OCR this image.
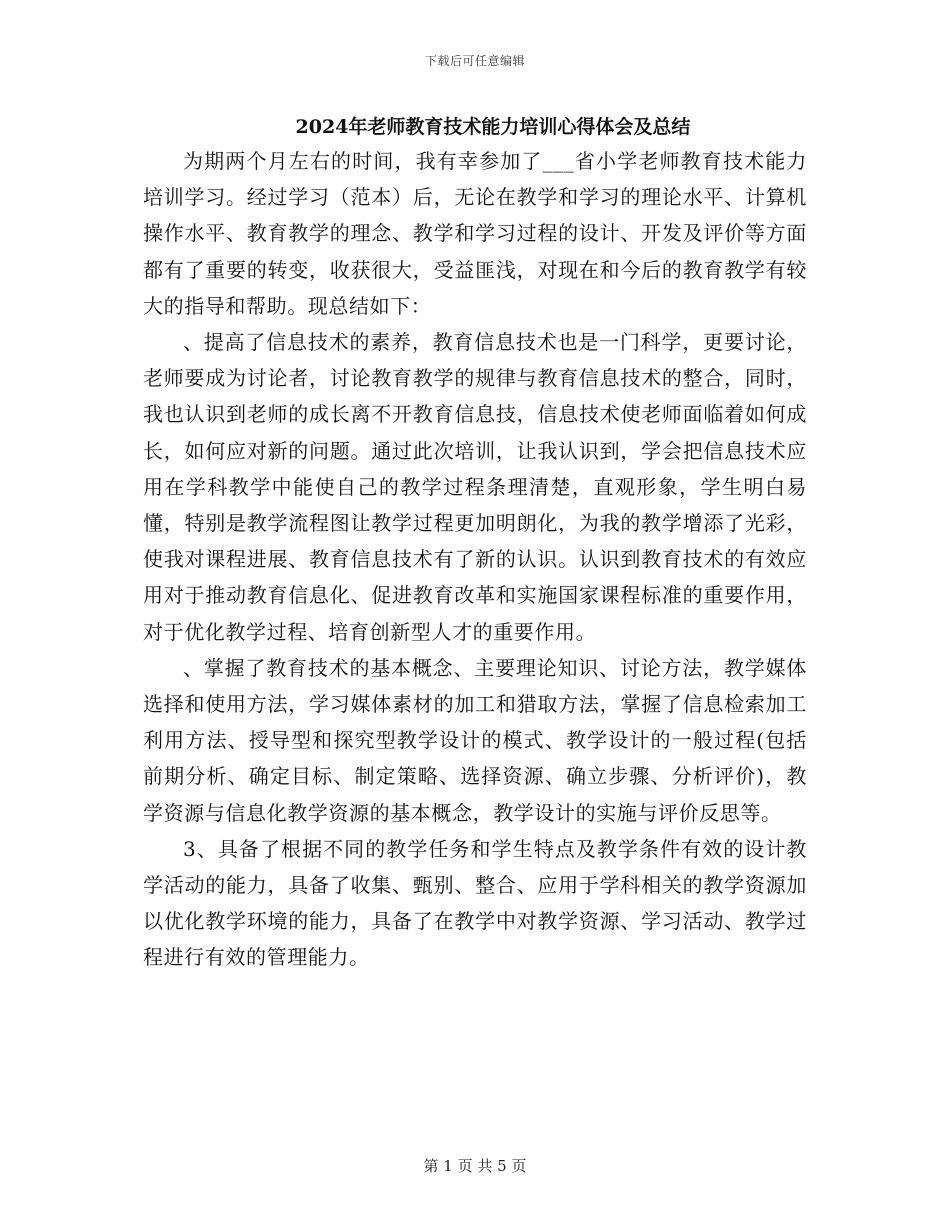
下载后可任意编辑
2024年老师教育技术能力培训心得体会及总结

为期两个月左右的时间，我有幸参加了___省小学老师教育技术能力培训学习。经过学习（范本）后，无论在教学和学习的理论水平、计算机操作水平、教育教学的理念、教学和学习过程的设计、开发及评价等方面都有了重要的转变，收获很大，受益匪浅，对现在和今后的教育教学有较大的指导和帮助。现总结如下：

、提高了信息技术的素养，教育信息技术也是一门科学，更要讨论，老师要成为讨论者，讨论教育教学的规律与教育信息技术的整合，同时，我也认识到老师的成长离不开教育信息技，信息技术使老师面临着如何成长，如何应对新的问题。通过此次培训，让我认识到，学会把信息技术应用在学科教学中能使自己的教学过程条理清楚，直观形象，学生明白易懂，特别是教学流程图让教学过程更加明朗化，为我的教学增添了光彩，使我对课程进展、教育信息技术有了新的认识。认识到教育技术的有效应用对于推动教育信息化、促进教育改革和实施国家课程标准的重要作用，对于优化教学过程、培育创新型人才的重要作用。

、掌握了教育技术的基本概念、主要理论知识、讨论方法，教学媒体选择和使用方法，学习媒体素材的加工和猎取方法，掌握了信息检索加工利用方法、授导型和探究型教学设计的模式、教学设计的一般过程(包括前期分析、确定目标、制定策略、选择资源、确立步骤、分析评价)，教学资源与信息化教学资源的基本概念，教学设计的实施与评价反思等。

3、具备了根据不同的教学任务和学生特点及教学条件有效的设计教学活动的能力，具备了收集、甄别、整合、应用于学科相关的教学资源加以优化教学环境的能力，具备了在教学中对教学资源、学习活动、教学过程进行有效的管理能力。

第 1 页 共 5 页
